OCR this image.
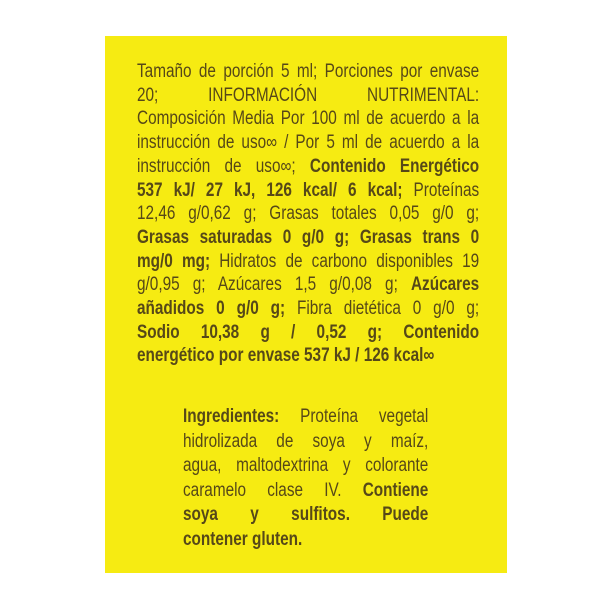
Tamaño de porción 5 ml; Porciones por envase
20; INFORMACIÓN NUTRIMENTAL:
Composición Media Por 100 ml de acuerdo a la
instrucción de uso∞ / Por 5 ml de acuerdo a la
instrucción de uso∞; Contenido Energético
537 kJ/ 27 kJ, 126 kcal/ 6 kcal; Proteínas
12,46 g/0,62 g; Grasas totales 0,05 g/0 g;
Grasas saturadas 0 g/0 g; Grasas trans 0
mg/0 mg; Hidratos de carbono disponibles 19
g/0,95 g; Azúcares 1,5 g/0,08 g; Azúcares
añadidos 0 g/0 g; Fibra dietética 0 g/0 g;
Sodio 10,38 g / 0,52 g; Contenido
energético por envase 537 kJ / 126 kcal∞
Ingredientes: Proteína vegetal
hidrolizada de soya y maíz,
agua, maltodextrina y colorante
caramelo clase IV. Contiene
soya y sulfitos. Puede
contener gluten.
